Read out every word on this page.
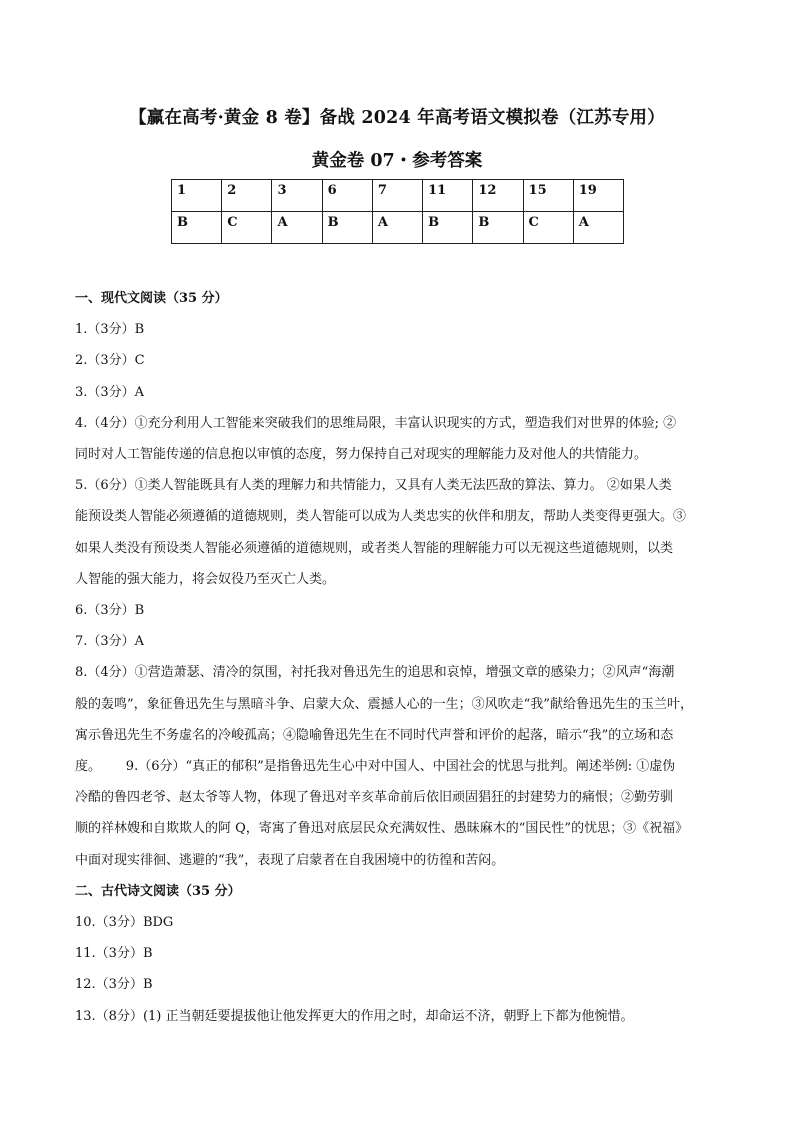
【赢在高考·黄金 8 卷】备战 2024 年高考语文模拟卷（江苏专用）
黄金卷 07・参考答案
1	2	3	6	7	11	12	15	19
B	C	A	B	A	B	B	C	A

一、现代文阅读（35 分）

1.（3分）B

2.（3分）C

3.（3分）A

4.（4分）①充分利用人工智能来突破我们的思维局限，丰富认识现实的方式，塑造我们对世界的体验; ②

同时对人工智能传递的信息抱以审慎的态度，努力保持自己对现实的理解能力及对他人的共情能力。

5.（6分）①类人智能既具有人类的理解力和共情能力，又具有人类无法匹敌的算法、算力。 ②如果人类

能预设类人智能必须遵循的道德规则，类人智能可以成为人类忠实的伙伴和朋友，帮助人类变得更强大。③

如果人类没有预设类人智能必须遵循的道德规则，或者类人智能的理解能力可以无视这些道德规则，以类

人智能的强大能力，将会奴役乃至灭亡人类。

6.（3分）B

7.（3分）A

8.（4分）①营造萧瑟、清冷的氛围，衬托我对鲁迅先生的追思和哀悼，增强文章的感染力；②风声“海潮

般的轰鸣”，象征鲁迅先生与黑暗斗争、启蒙大众、震撼人心的一生；③风吹走“我”献给鲁迅先生的玉兰叶，

寓示鲁迅先生不务虚名的冷峻孤高；④隐喻鲁迅先生在不同时代声誉和评价的起落，暗示“我”的立场和态

度。      9.（6分）“真正的郁积”是指鲁迅先生心中对中国人、中国社会的忧思与批判。阐述举例: ①虚伪

冷酷的鲁四老爷、赵太爷等人物，体现了鲁迅对辛亥革命前后依旧顽固猖狂的封建势力的痛恨；②勤劳驯

顺的祥林嫂和自欺欺人的阿 Q，寄寓了鲁迅对底层民众充满奴性、愚昧麻木的“国民性”的忧思；③《祝福》

中面对现实徘徊、逃避的“我”，表现了启蒙者在自我困境中的彷徨和苦闷。

二、古代诗文阅读（35 分）

10.（3分）BDG

11.（3分）B

12.（3分）B

13.（8分）(1) 正当朝廷要提拔他让他发挥更大的作用之时，却命运不济，朝野上下都为他惋惜。
